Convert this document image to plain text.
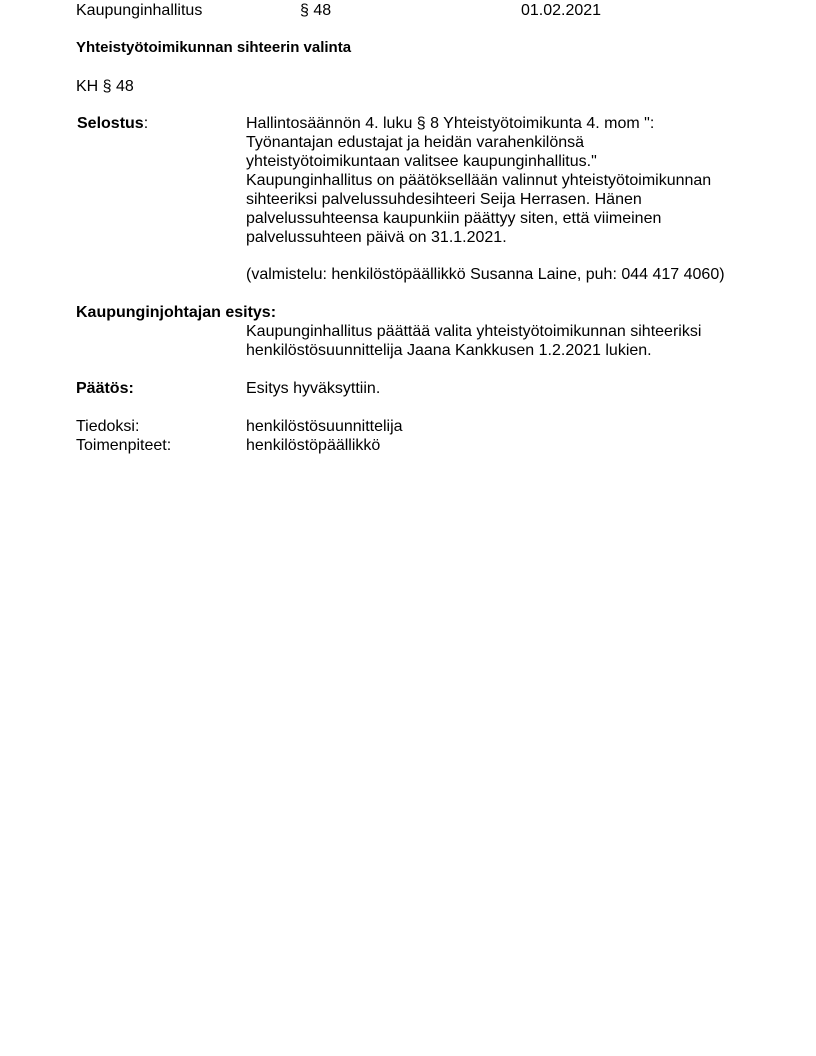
Kaupunginhallitus	§ 48	01.02.2021
Yhteistyötoimikunnan sihteerin valinta
KH § 48
Selostus:	Hallintosäännön 4. luku § 8 Yhteistyötoimikunta 4. mom ":
Työnantajan edustajat ja heidän varahenkilönsä
yhteistyötoimikuntaan valitsee kaupunginhallitus."
Kaupunginhallitus on päätöksellään valinnut yhteistyötoimikunnan
sihteeriksi palvelussuhdesihteeri Seija Herrasen. Hänen
palvelussuhteensa kaupunkiin päättyy siten, että viimeinen
palvelussuhteen päivä on 31.1.2021.
(valmistelu: henkilöstöpäällikkö Susanna Laine, puh: 044 417 4060)
Kaupunginjohtajan esitys:
Kaupunginhallitus päättää valita yhteistyötoimikunnan sihteeriksi
henkilöstösuunnittelija Jaana Kankkusen 1.2.2021 lukien.
Päätös:	Esitys hyväksyttiin.
Tiedoksi:	henkilöstösuunnittelija
Toimenpiteet:	henkilöstöpäällikkö
